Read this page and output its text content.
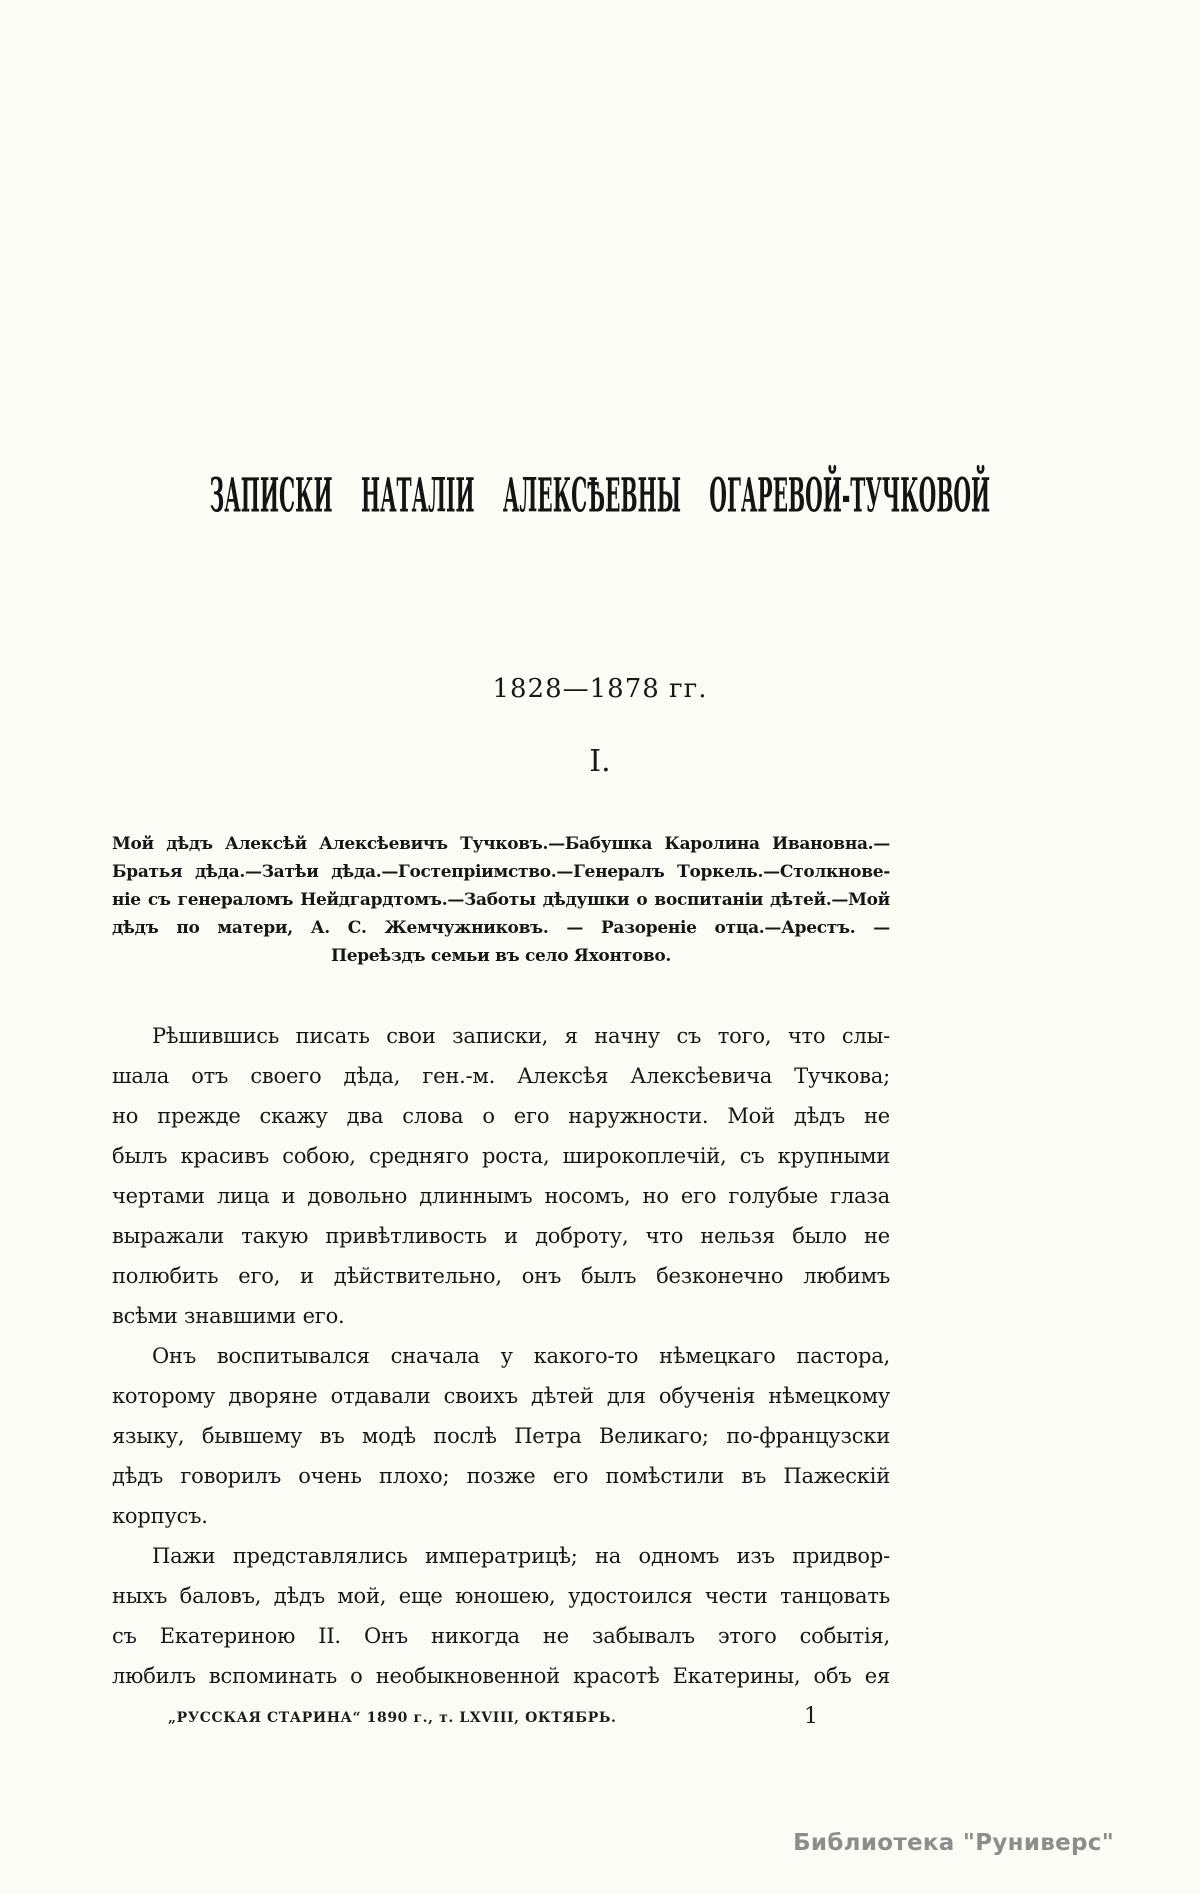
ЗАПИСКИ НАТАЛІИ АЛЕКСѢЕВНЫ ОГАРЕВОЙ-ТУЧКОВОЙ
1828—1878 гг.
I.
Мой дѣдъ Алексѣй Алексѣевичъ Тучковъ.—Бабушка Каролина Ивановна.—
Братья дѣда.—Затѣи дѣда.—Гостепріимство.—Генералъ Торкель.—Столкнове-
ніе съ генераломъ Нейдгардтомъ.—Заботы дѣдушки о воспитаніи дѣтей.—Мой
дѣдъ по матери, А. С. Жемчужниковъ. — Разореніе отца.—Арестъ. —
Переѣздъ семьи въ село Яхонтово.
Рѣшившись писать свои записки, я начну съ того, что слы-
шала отъ своего дѣда, ген.-м. Алексѣя Алексѣевича Тучкова;
но прежде скажу два слова о его наружности. Мой дѣдъ не
былъ красивъ собою, средняго роста, широкоплечій, съ крупными
чертами лица и довольно длиннымъ носомъ, но его голубые глаза
выражали такую привѣтливость и доброту, что нельзя было не
полюбить его, и дѣйствительно, онъ былъ безконечно любимъ
всѣми знавшими его.
Онъ воспитывался сначала у какого-то нѣмецкаго пастора,
которому дворяне отдавали своихъ дѣтей для обученія нѣмецкому
языку, бывшему въ модѣ послѣ Петра Великаго; по-французски
дѣдъ говорилъ очень плохо; позже его помѣстили въ Пажескій
корпусъ.
Пажи представлялись императрицѣ; на одномъ изъ придвор-
ныхъ баловъ, дѣдъ мой, еще юношею, удостоился чести танцовать
съ Екатериною II. Онъ никогда не забывалъ этого событія,
любилъ вспоминать о необыкновенной красотѣ Екатерины, объ ея
„РУССКАЯ СТАРИНА“ 1890 г., т. LXVIII, ОКТЯБРЬ.	1
Библиотека "Руниверс"
